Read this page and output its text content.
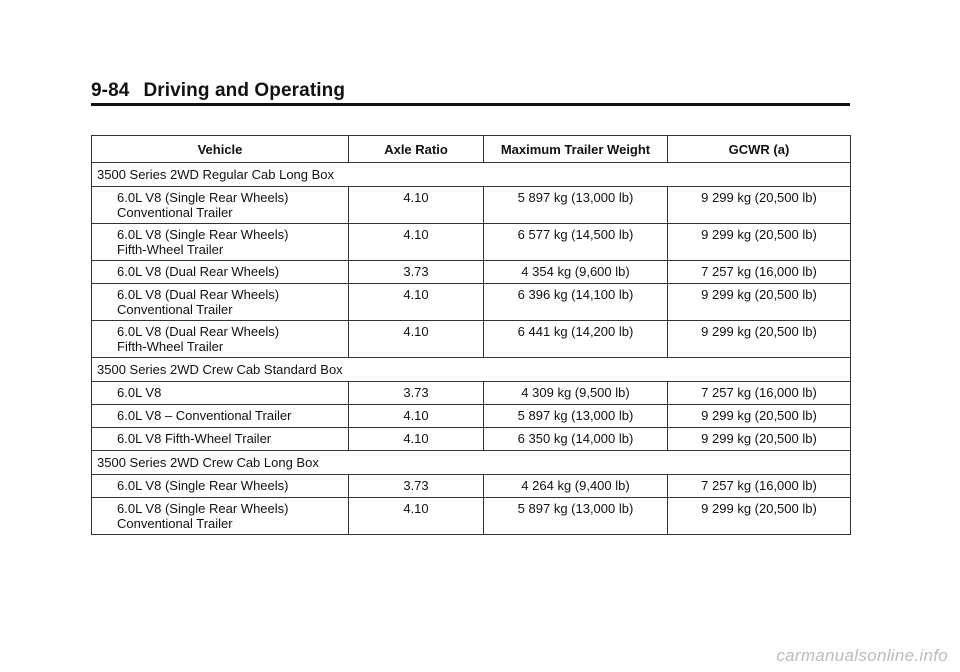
9-84 Driving and Operating
Vehicle	Axle Ratio	Maximum Trailer Weight	GCWR (a)
3500 Series 2WD Regular Cab Long Box			

6.0L V8 (Single Rear Wheels)
Conventional Trailer	4.10	5 897 kg (13,000 lb)	9 299 kg (20,500 lb)

6.0L V8 (Single Rear Wheels)
Fifth-Wheel Trailer	4.10	6 577 kg (14,500 lb)	9 299 kg (20,500 lb)

6.0L V8 (Dual Rear Wheels)	3.73	4 354 kg (9,600 lb)	7 257 kg (16,000 lb)

6.0L V8 (Dual Rear Wheels)
Conventional Trailer	4.10	6 396 kg (14,100 lb)	9 299 kg (20,500 lb)

6.0L V8 (Dual Rear Wheels)
Fifth-Wheel Trailer	4.10	6 441 kg (14,200 lb)	9 299 kg (20,500 lb)
3500 Series 2WD Crew Cab Standard Box			

6.0L V8	3.73	4 309 kg (9,500 lb)	7 257 kg (16,000 lb)

6.0L V8 – Conventional Trailer	4.10	5 897 kg (13,000 lb)	9 299 kg (20,500 lb)

6.0L V8 Fifth-Wheel Trailer	4.10	6 350 kg (14,000 lb)	9 299 kg (20,500 lb)
3500 Series 2WD Crew Cab Long Box			

6.0L V8 (Single Rear Wheels)	3.73	4 264 kg (9,400 lb)	7 257 kg (16,000 lb)

6.0L V8 (Single Rear Wheels)
Conventional Trailer	4.10	5 897 kg (13,000 lb)	9 299 kg (20,500 lb)
carmanualsonline.info
